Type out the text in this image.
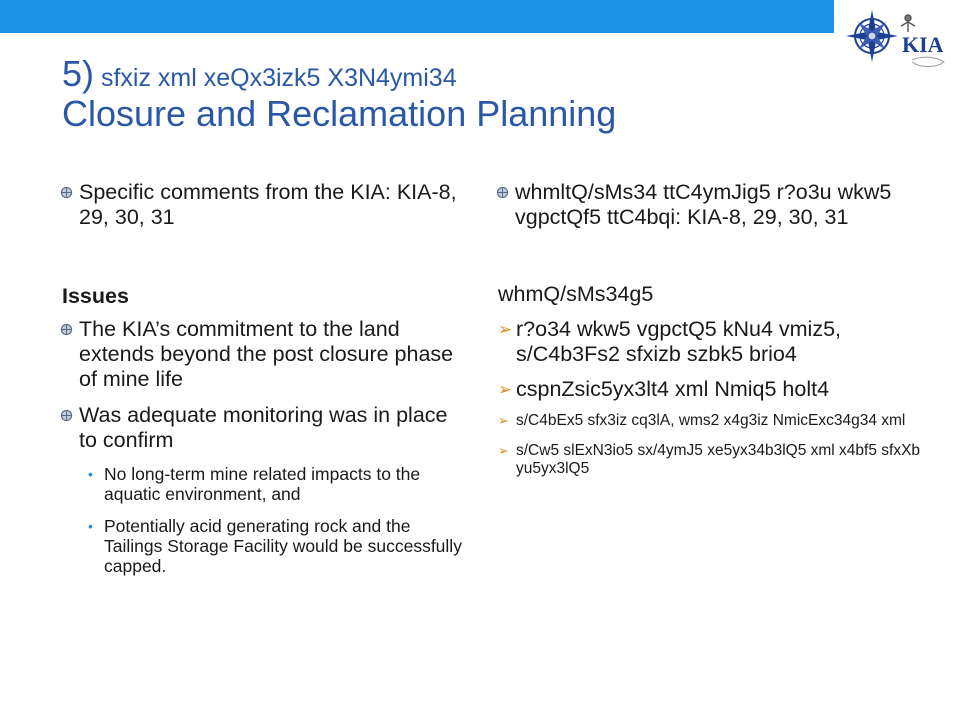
KIA
5) sfxiz xml xeQx3izk5 X3N4ymi34
Closure and Reclamation Planning
Specific comments from the KIA: KIA-8, 29, 30, 31
Issues
The KIA’s commitment to the land extends beyond the post closure phase of mine life
Was adequate monitoring was in place to confirm
• No long-term mine related impacts to the aquatic environment, and
• Potentially acid generating rock and the Tailings Storage Facility would be successfully capped.
whmltQ/sMs34 ttC4ymJig5 r?o3u wkw5 vgpctQf5 ttC4bqi: KIA-8, 29, 30, 31
whmQ/sMs34g5
➢ r?o34 wkw5 vgpctQ5 kNu4 vmiz5, s/C4b3Fs2 sfxizb szbk5 brio4
➢ cspnZsic5yx3lt4 xml Nmiq5 holt4
➢ s/C4bEx5 sfx3iz cq3lA, wms2 x4g3iz NmicExc34g34 xml
➢ s/Cw5 slExN3io5 sx/4ymJ5 xe5yx34b3lQ5 xml x4bf5 sfxXb yu5yx3lQ5
